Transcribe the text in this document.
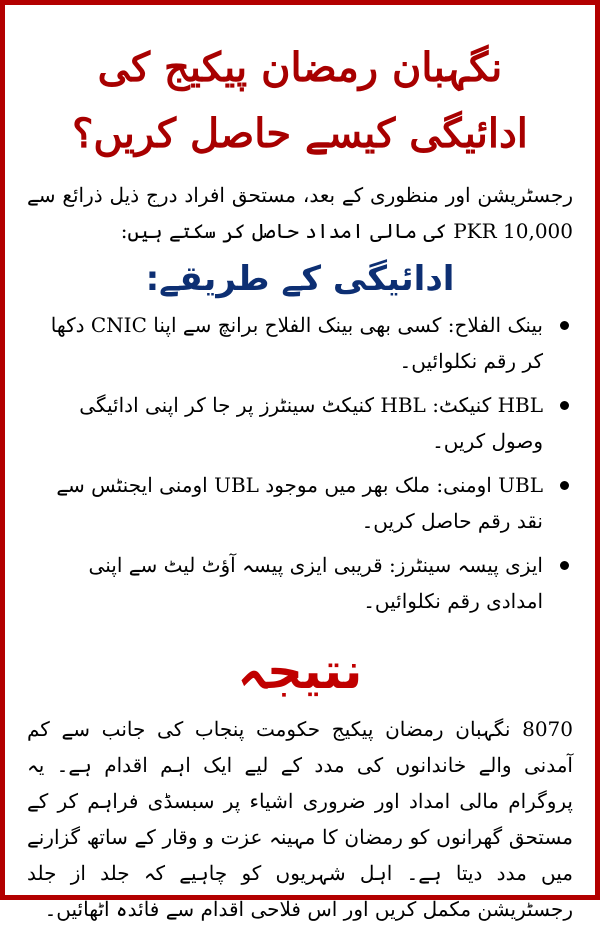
نگہبان رمضان پیکیج کی ادائیگی کیسے حاصل کریں؟

رجسٹریشن اور منظوری کے بعد، مستحق افراد درج ذیل ذرائع سے PKR 10,000 کی مالی امداد حاصل کر سکتے ہیں:

ادائیگی کے طریقے:
بینک الفلاح: کسی بھی بینک الفلاح برانچ سے اپنا CNIC دکھا کر رقم نکلوائیں۔
HBL کنیکٹ: HBL کنیکٹ سینٹرز پر جا کر اپنی ادائیگی وصول کریں۔
UBL اومنی: ملک بھر میں موجود UBL اومنی ایجنٹس سے نقد رقم حاصل کریں۔
ایزی پیسہ سینٹرز: قریبی ایزی پیسہ آؤٹ لیٹ سے اپنی امدادی رقم نکلوائیں۔
نتیجہ

8070 نگہبان رمضان پیکیج حکومت پنجاب کی جانب سے کم آمدنی والے خاندانوں کی مدد کے لیے ایک اہم اقدام ہے۔ یہ پروگرام مالی امداد اور ضروری اشیاء پر سبسڈی فراہم کر کے مستحق گھرانوں کو رمضان کا مہینہ عزت و وقار کے ساتھ گزارنے میں مدد دیتا ہے۔ اہل شہریوں کو چاہیے کہ جلد از جلد رجسٹریشن مکمل کریں اور اس فلاحی اقدام سے فائدہ اٹھائیں۔
